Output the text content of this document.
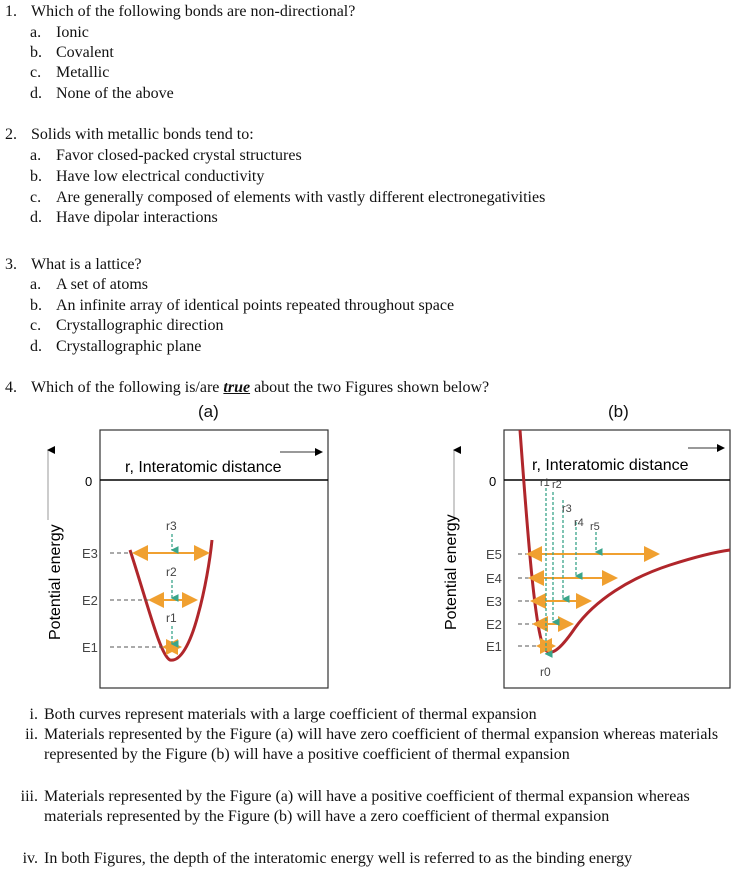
1. Which of the following bonds are non-directional?
a. Ionic
b. Covalent
c. Metallic
d. None of the above
2. Solids with metallic bonds tend to:
a. Favor closed-packed crystal structures
b. Have low electrical conductivity
c. Are generally composed of elements with vastly different electronegativities
d. Have dipolar interactions
3. What is a lattice?
a. A set of atoms
b. An infinite array of identical points repeated throughout space
c. Crystallographic direction
d. Crystallographic plane
4. Which of the following is/are true about the two Figures shown below?
(a)
Potential energy
r, Interatomic distance
0
E3
E2
E1
r3
r2
r1
(b)
Potential energy
r, Interatomic distance
0
E5
E4
E3
E2
E1
r1 r2
r3
r4 r5
r0
i. Both curves represent materials with a large coefficient of thermal expansion
ii. Materials represented by the Figure (a) will have zero coefficient of thermal expansion whereas materials represented by the Figure (b) will have a positive coefficient of thermal expansion
iii. Materials represented by the Figure (a) will have a positive coefficient of thermal expansion whereas materials represented by the Figure (b) will have a zero coefficient of thermal expansion
iv. In both Figures, the depth of the interatomic energy well is referred to as the binding energy
